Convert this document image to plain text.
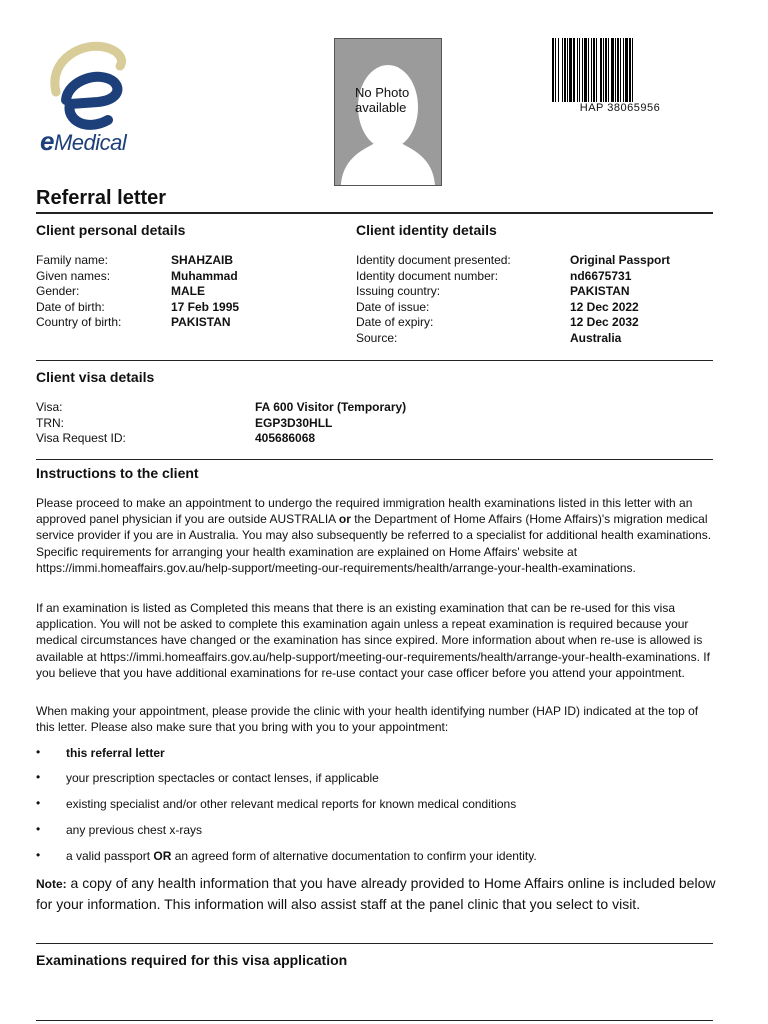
eMedical
No Photo
available	HAP 38065956
Referral letter
Client personal details	Client identity details
Family name:	SHAHZAIB
Given names:	Muhammad
Gender:	MALE
Date of birth:	17 Feb 1995
Country of birth:	PAKISTAN
Identity document presented:	Original Passport
Identity document number:	nd6675731
Issuing country:	PAKISTAN
Date of issue:	12 Dec 2022
Date of expiry:	12 Dec 2032
Source:	Australia
Client visa details
Visa:	FA 600 Visitor (Temporary)
TRN:	EGP3D30HLL
Visa Request ID:	405686068
Instructions to the client
Please proceed to make an appointment to undergo the required immigration health examinations listed in this letter with an approved panel physician if you are outside AUSTRALIA or the Department of Home Affairs (Home Affairs)'s migration medical service provider if you are in Australia. You may also subsequently be referred to a specialist for additional health examinations. Specific requirements for arranging your health examination are explained on Home Affairs' website at https://immi.homeaffairs.gov.au/help-support/meeting-our-requirements/health/arrange-your-health-examinations.
If an examination is listed as Completed this means that there is an existing examination that can be re-used for this visa application. You will not be asked to complete this examination again unless a repeat examination is required because your medical circumstances have changed or the examination has since expired. More information about when re-use is allowed is available at https://immi.homeaffairs.gov.au/help-support/meeting-our-requirements/health/arrange-your-health-examinations. If you believe that you have additional examinations for re-use contact your case officer before you attend your appointment.
When making your appointment, please provide the clinic with your health identifying number (HAP ID) indicated at the top of this letter. Please also make sure that you bring with you to your appointment:
• this referral letter
• your prescription spectacles or contact lenses, if applicable
• existing specialist and/or other relevant medical reports for known medical conditions
• any previous chest x-rays
• a valid passport OR an agreed form of alternative documentation to confirm your identity.
Note: a copy of any health information that you have already provided to Home Affairs online is included below for your information. This information will also assist staff at the panel clinic that you select to visit.
Examinations required for this visa application
